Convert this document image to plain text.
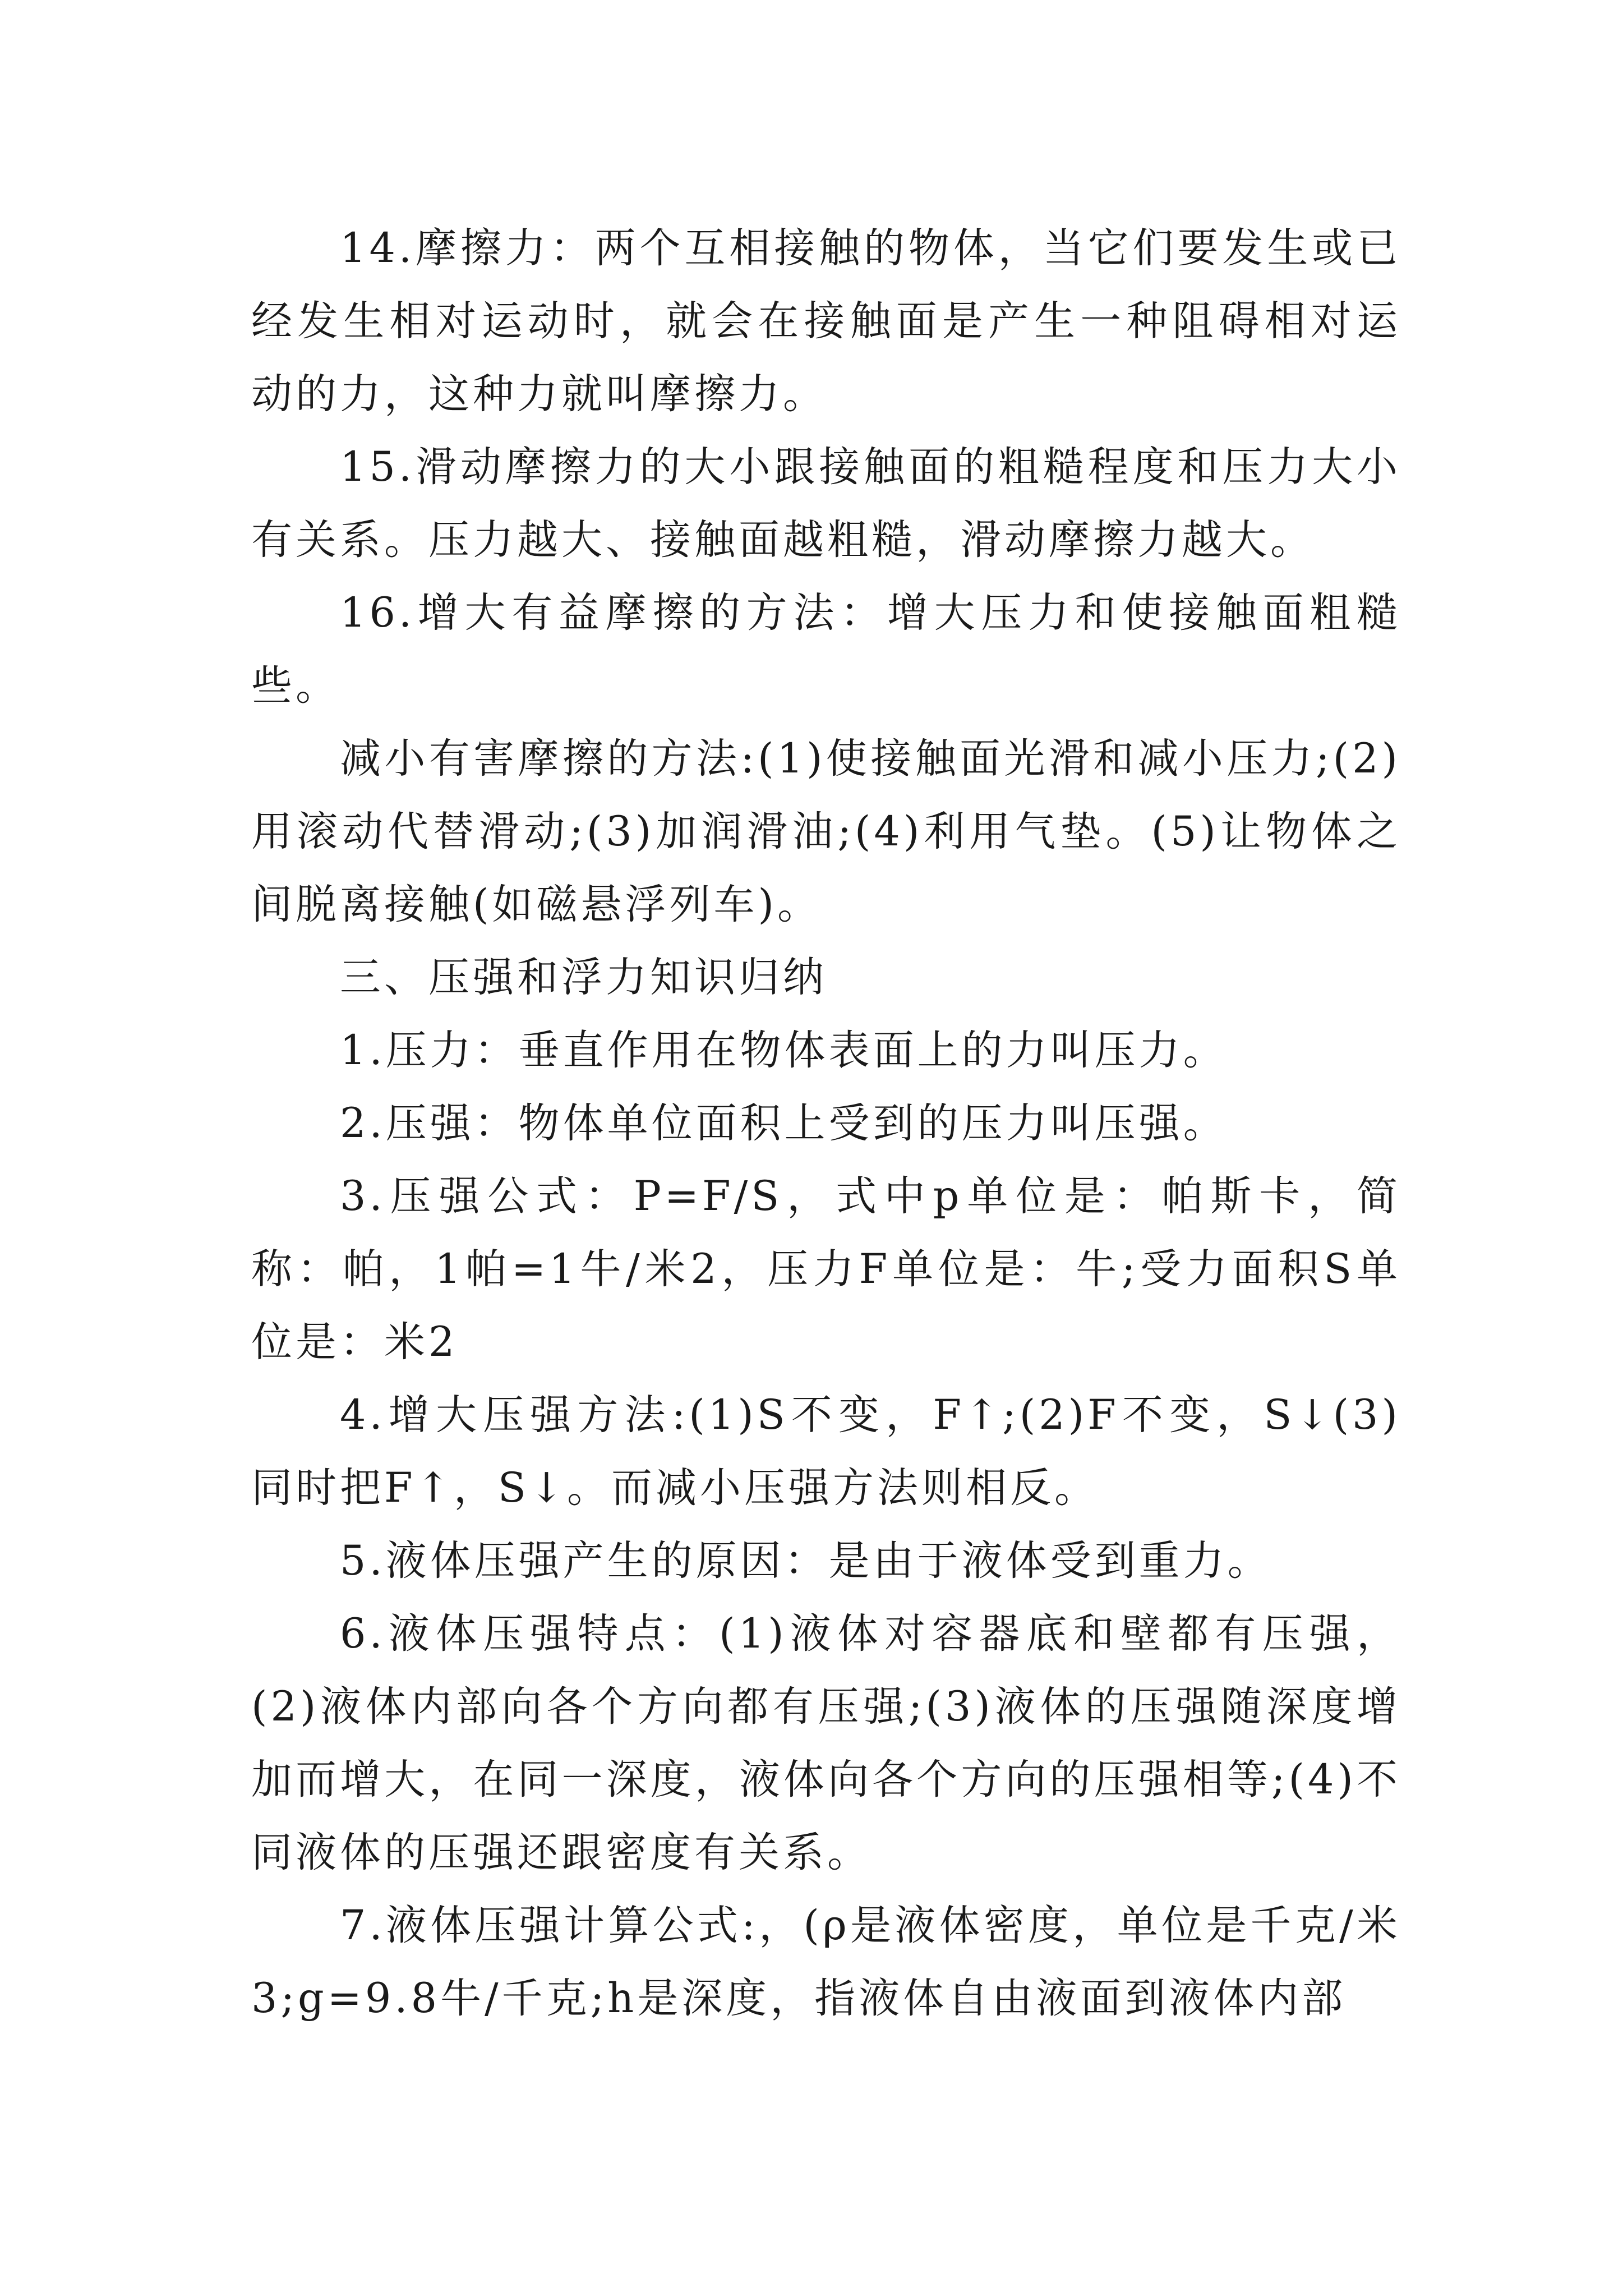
14.摩擦力：两个互相接触的物体，当它们要发生或已经发生相对运动时，就会在接触面是产生一种阻碍相对运动的力，这种力就叫摩擦力。

15.滑动摩擦力的大小跟接触面的粗糙程度和压力大小有关系。压力越大、接触面越粗糙，滑动摩擦力越大。

16.增大有益摩擦的方法：增大压力和使接触面粗糙些。

减小有害摩擦的方法:(1)使接触面光滑和减小压力;(2)用滚动代替滑动;(3)加润滑油;(4)利用气垫。(5)让物体之间脱离接触(如磁悬浮列车)。

三、压强和浮力知识归纳

1.压力：垂直作用在物体表面上的力叫压力。

2.压强：物体单位面积上受到的压力叫压强。

3.压强公式：P=F/S，式中p单位是：帕斯卡，简称：帕，1帕=1牛/米2，压力F单位是：牛;受力面积S单位是：米2

4.增大压强方法:(1)S不变，F↑;(2)F不变，S↓(3)同时把F↑，S↓。而减小压强方法则相反。

5.液体压强产生的原因：是由于液体受到重力。

6.液体压强特点：(1)液体对容器底和壁都有压强，(2)液体内部向各个方向都有压强;(3)液体的压强随深度增加而增大，在同一深度，液体向各个方向的压强相等;(4)不同液体的压强还跟密度有关系。

7.液体压强计算公式:，(ρ是液体密度，单位是千克/米3;g=9.8牛/千克;h是深度，指液体自由液面到液体内部
